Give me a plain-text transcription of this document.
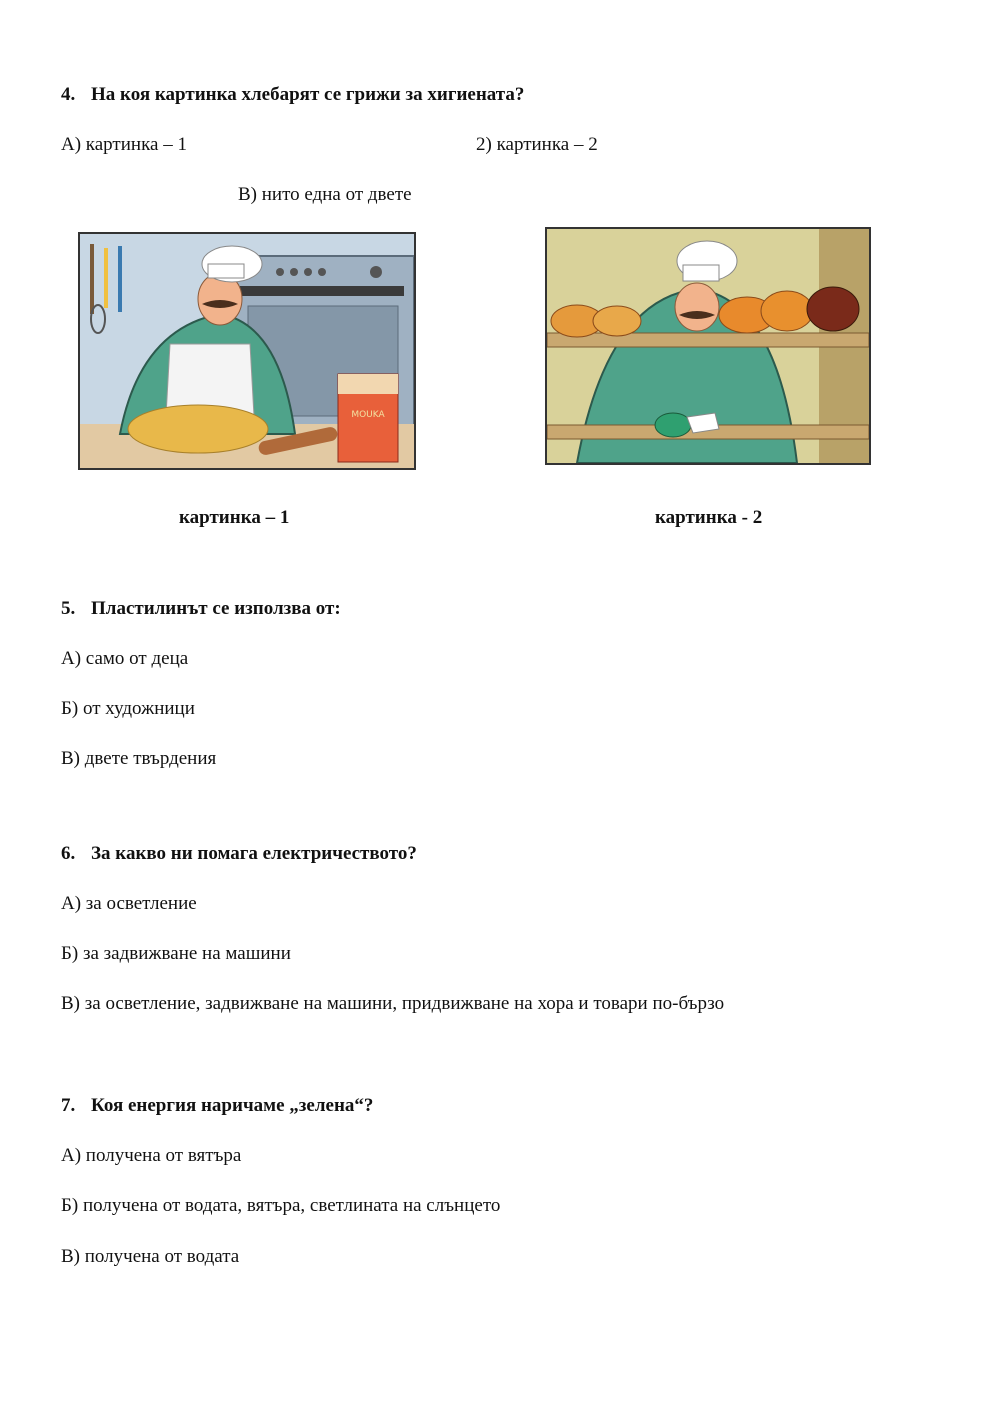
4. На коя картинка хлебарят се грижи за хигиената?
А) картинка – 1	2) картинка – 2
В) нито една от двете
MOUKA
картинка – 1	картинка - 2
5. Пластилинът се използва от:
А) само от деца
Б) от художници
В) двете твърдения
6. За какво ни помага електричеството?
А) за осветление
Б) за задвижване на машини
В) за осветление, задвижване на машини, придвижване на хора и товари по-бързо
7. Коя енергия наричаме „зелена“?
А) получена от вятъра
Б) получена от водата, вятъра, светлината на слънцето
В) получена от водата
